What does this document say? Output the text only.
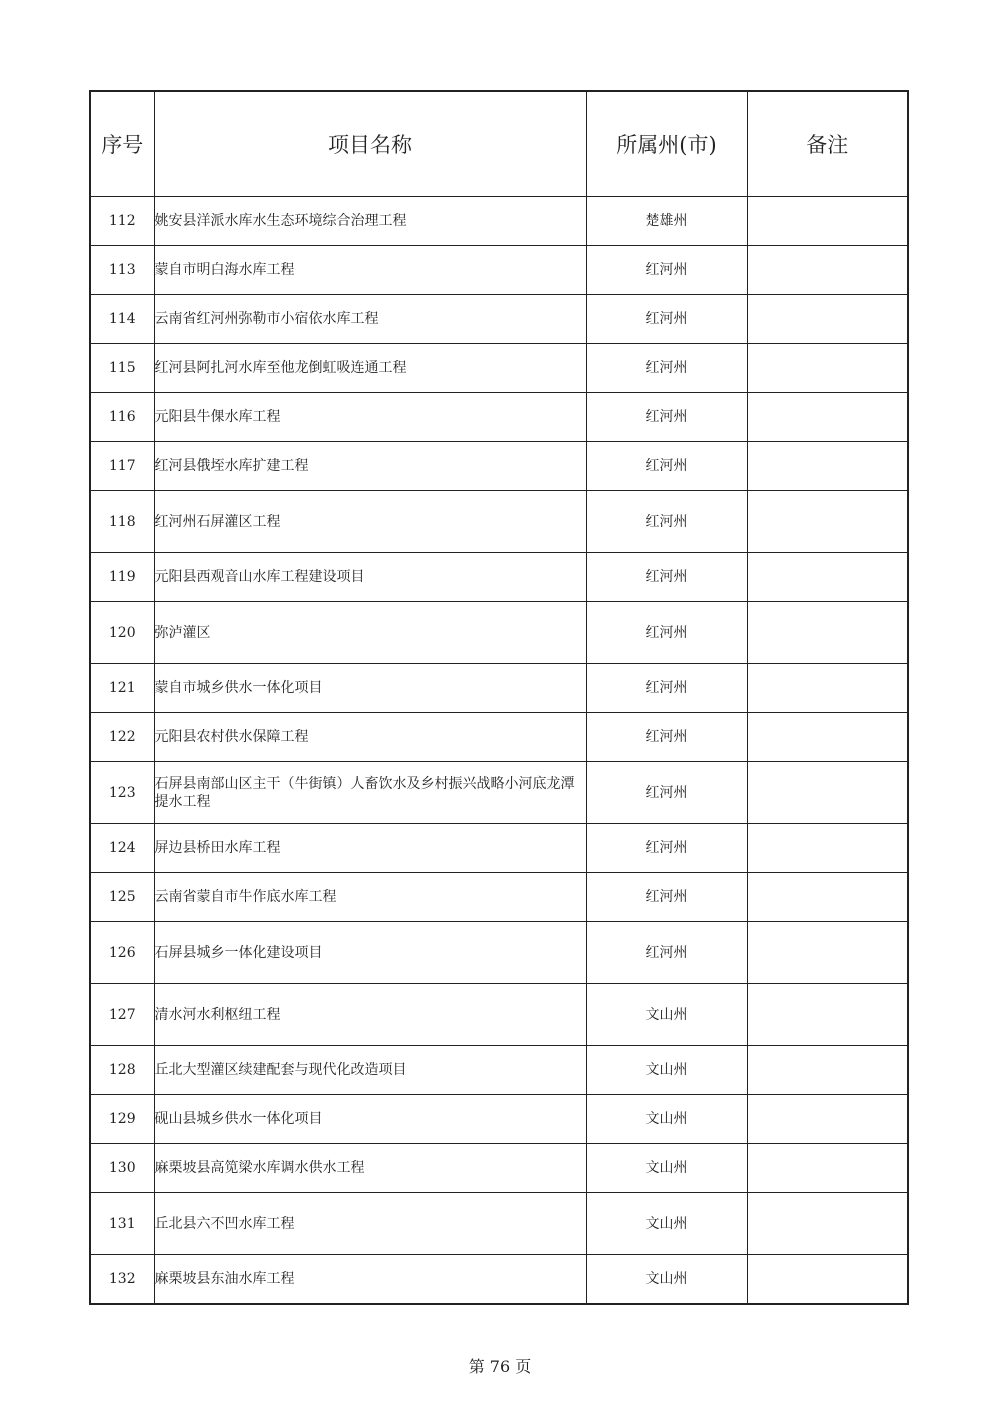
序号	项目名称	所属州(市)	备注
112	姚安县洋派水库水生态环境综合治理工程	楚雄州	
113	蒙自市明白海水库工程	红河州	
114	云南省红河州弥勒市小宿依水库工程	红河州	
115	红河县阿扎河水库至他龙倒虹吸连通工程	红河州	
116	元阳县牛倮水库工程	红河州	
117	红河县俄垤水库扩建工程	红河州	
118	红河州石屏灌区工程	红河州	
119	元阳县西观音山水库工程建设项目	红河州	
120	弥泸灌区	红河州	
121	蒙自市城乡供水一体化项目	红河州	
122	元阳县农村供水保障工程	红河州	
123	石屏县南部山区主干（牛街镇）人畜饮水及乡村振兴战略小河底龙潭提水工程	红河州	
124	屏边县桥田水库工程	红河州	
125	云南省蒙自市牛作底水库工程	红河州	
126	石屏县城乡一体化建设项目	红河州	
127	清水河水利枢纽工程	文山州	
128	丘北大型灌区续建配套与现代化改造项目	文山州	
129	砚山县城乡供水一体化项目	文山州	
130	麻栗坡县高笕梁水库调水供水工程	文山州	
131	丘北县六不凹水库工程	文山州	
132	麻栗坡县东油水库工程	文山州	
第 76 页
